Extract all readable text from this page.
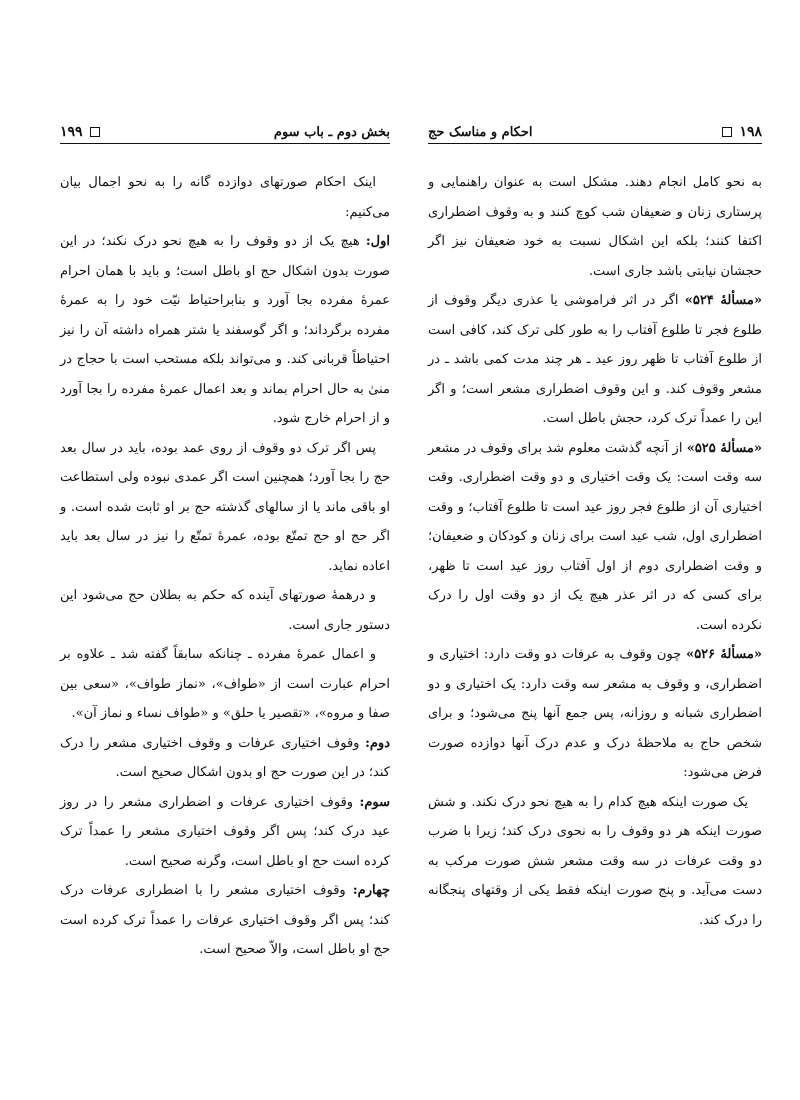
۱۹۸
احکام و مناسک حج

به نحو کامل انجام دهند. مشکل است به عنوان راهنمایی و پرستاری زنان و ضعیفان شب کوچ کنند و به وقوف اضطراری اکتفا کنند؛ بلکه این اشکال نسبت به خود ضعیفان نیز اگر حجشان نیابتی باشد جاری است.

«مسألهٔ ۵۲۴» اگر در اثر فراموشی یا عذری دیگر وقوف از طلوع فجر تا طلوع آفتاب را به طور کلی ترک کند، کافی است از طلوع آفتاب تا ظهر روز عید ـ هر چند مدت کمی باشد ـ در مشعر وقوف کند. و این وقوف اضطراری مشعر است؛ و اگر این را عمداً ترک کرد، حجش باطل است.

«مسألهٔ ۵۲۵» از آنچه گذشت معلوم شد برای وقوف در مشعر سه وقت است: یک وقت اختیاری و دو وقت اضطراری. وقت اختیاری آن از طلوع فجر روز عید است تا طلوع آفتاب؛ و وقت اضطراری اول، شب عید است برای زنان و کودکان و ضعیفان؛ و وقت اضطراری دوم از اول آفتاب روز عید است تا ظهر، برای کسی که در اثر عذر هیچ یک از دو وقت اول را درک نکرده است.

«مسألهٔ ۵۲۶» چون وقوف به عرفات دو وقت دارد: اختیاری و اضطراری، و وقوف به مشعر سه وقت دارد: یک اختیاری و دو اضطراری شبانه و روزانه، پس جمع آنها پنج می‌شود؛ و برای شخص حاج به ملاحظهٔ درک و عدم درک آنها دوازده صورت فرض می‌شود:

یک صورت اینکه هیچ کدام را به هیچ نحو درک نکند. و شش صورت اینکه هر دو وقوف را به نحوی درک کند؛ زیرا با ضرب دو وقت عرفات در سه وقت مشعر شش صورت مرکب به دست می‌آید. و پنج صورت اینکه فقط یکی از وقتهای پنجگانه را درک کند.

بخش دوم ـ باب سوم
۱۹۹

اینک احکام صورتهای دوازده گانه را به نحو اجمال بیان می‌کنیم:

اول: هیچ یک از دو وقوف را به هیچ نحو درک نکند؛ در این صورت بدون اشکال حج او باطل است؛ و باید با همان احرام عمرهٔ مفرده بجا آورد و بنابراحتیاط نیّت خود را به عمرهٔ مفرده برگرداند؛ و اگر گوسفند یا شتر همراه داشته آن را نیز احتیاطاً قربانی کند. و می‌تواند بلکه مستحب است با حجاج در منیٰ به حال احرام بماند و بعد اعمال عمرهٔ مفرده را بجا آورد و از احرام خارج شود.

پس اگر ترک دو وقوف از روی عمد بوده، باید در سال بعد حج را بجا آورد؛ همچنین است اگر عمدی نبوده ولی استطاعت او باقی ماند یا از سالهای گذشته حج بر او ثابت شده است. و اگر حج او حج تمتّع بوده، عمرهٔ تمتّع را نیز در سال بعد باید اعاده نماید.

و درهمهٔ صورتهای آینده که حکم به بطلان حج می‌شود این دستور جاری است.

و اعمال عمرهٔ مفرده ـ چنانکه سابقاً گفته شد ـ علاوه بر احرام عبارت است از «طواف»، «نماز طواف»، «سعی بین صفا و مروه»، «تقصیر یا حلق» و «طواف نساء و نماز آن».

دوم: وقوف اختیاری عرفات و وقوف اختیاری مشعر را درک کند؛ در این صورت حج او بدون اشکال صحیح است.

سوم: وقوف اختیاری عرفات و اضطراری مشعر را در روز عید درک کند؛ پس اگر وقوف اختیاری مشعر را عمداً ترک کرده است حج او باطل است، وگرنه صحیح است.

چهارم: وقوف اختیاری مشعر را با اضطراری عرفات درک کند؛ پس اگر وقوف اختیاری عرفات را عمداً ترک کرده است حج او باطل است، والاّ صحیح است.
